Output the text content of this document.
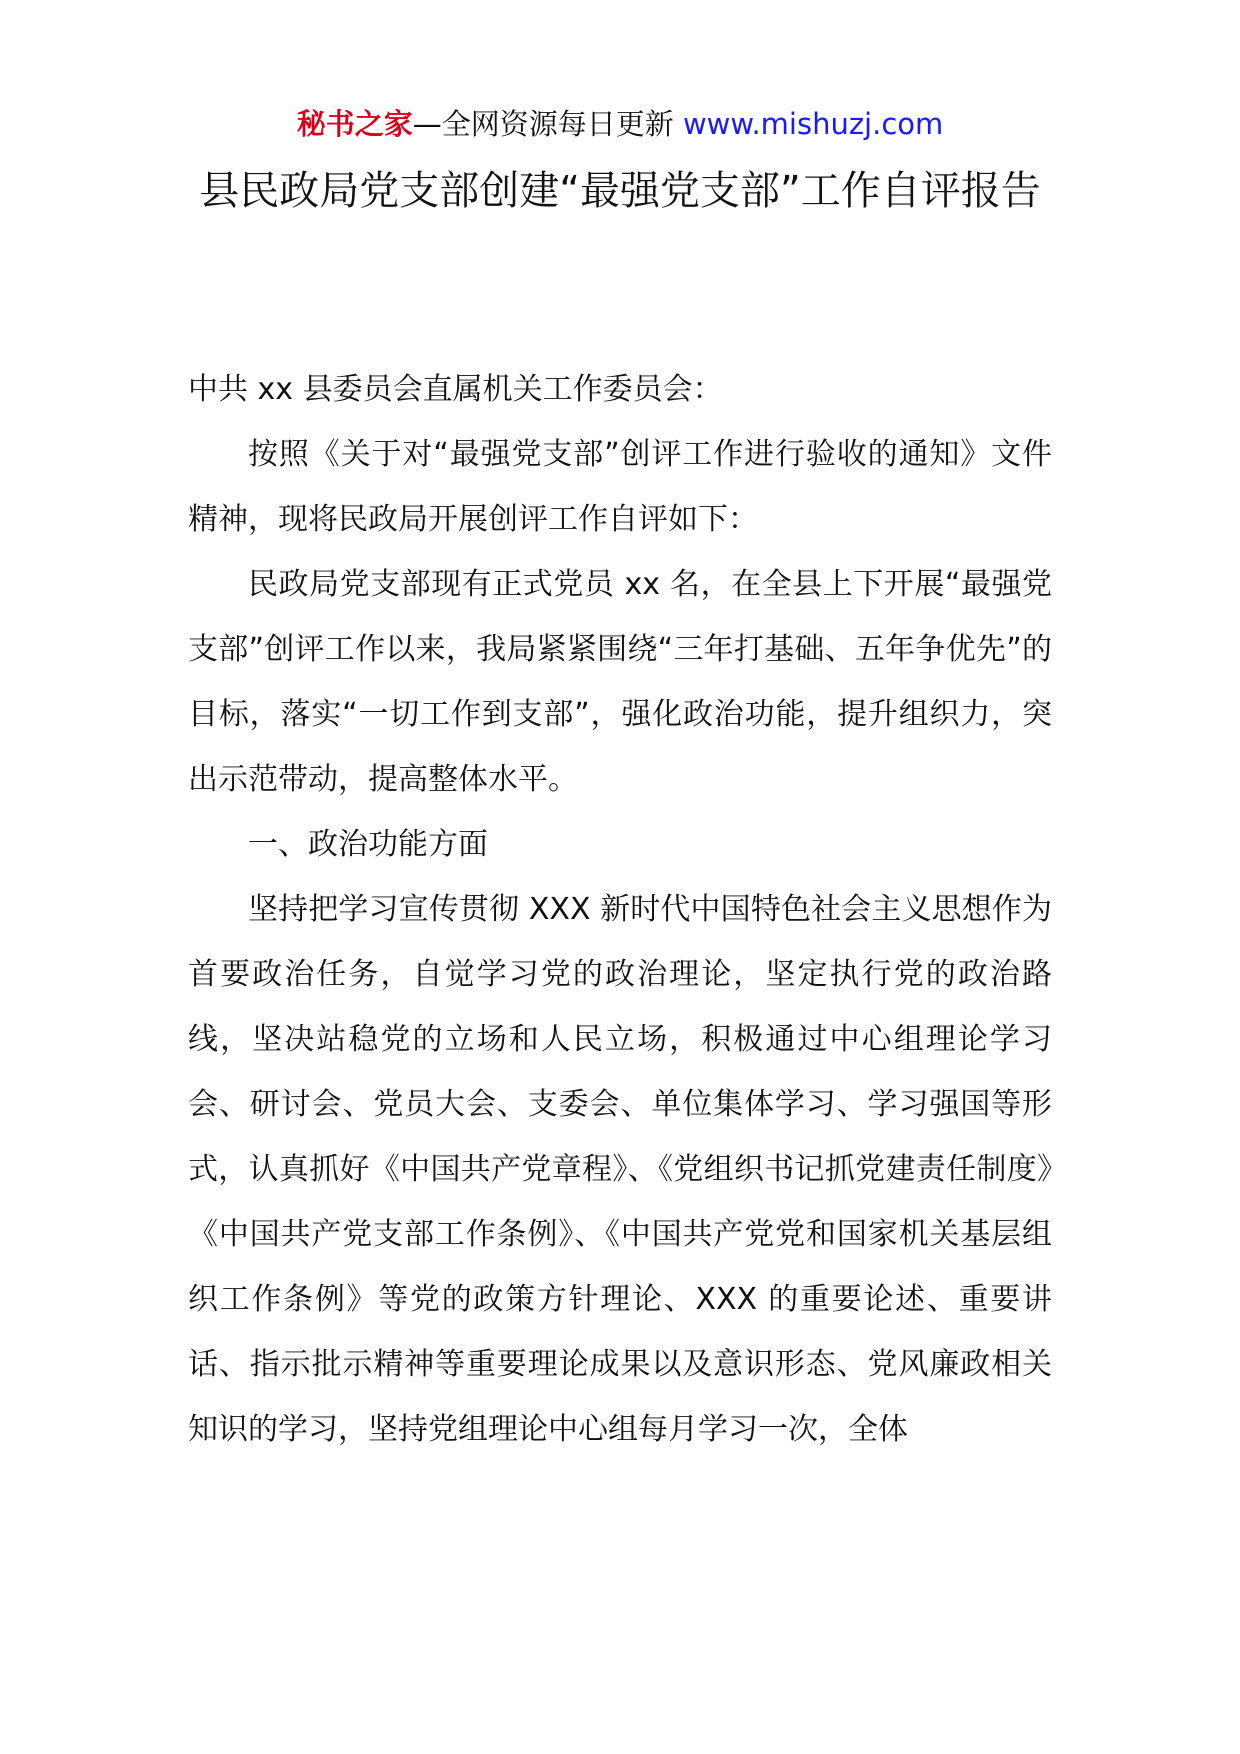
秘书之家—全网资源每日更新 www.mishuzj.com
县民政局党支部创建“最强党支部”工作自评报告

中共 xx 县委员会直属机关工作委员会：

按照《关于对“最强党支部”创评工作进行验收的通知》文件精神，现将民政局开展创评工作自评如下：

民政局党支部现有正式党员 xx 名，在全县上下开展“最强党支部”创评工作以来，我局紧紧围绕“三年打基础、五年争优先”的目标，落实“一切工作到支部”，强化政治功能，提升组织力，突出示范带动，提高整体水平。

一、政治功能方面

坚持把学习宣传贯彻 XXX 新时代中国特色社会主义思想作为首要政治任务，自觉学习党的政治理论，坚定执行党的政治路线，坚决站稳党的立场和人民立场，积极通过中心组理论学习会、研讨会、党员大会、支委会、单位集体学习、学习强国等形式，认真抓好《中国共产党章程》、《党组织书记抓党建责任制度》《中国共产党支部工作条例》、《中国共产党党和国家机关基层组织工作条例》等党的政策方针理论、XXX 的重要论述、重要讲话、指示批示精神等重要理论成果以及意识形态、党风廉政相关知识的学习，坚持党组理论中心组每月学习一次，全体
